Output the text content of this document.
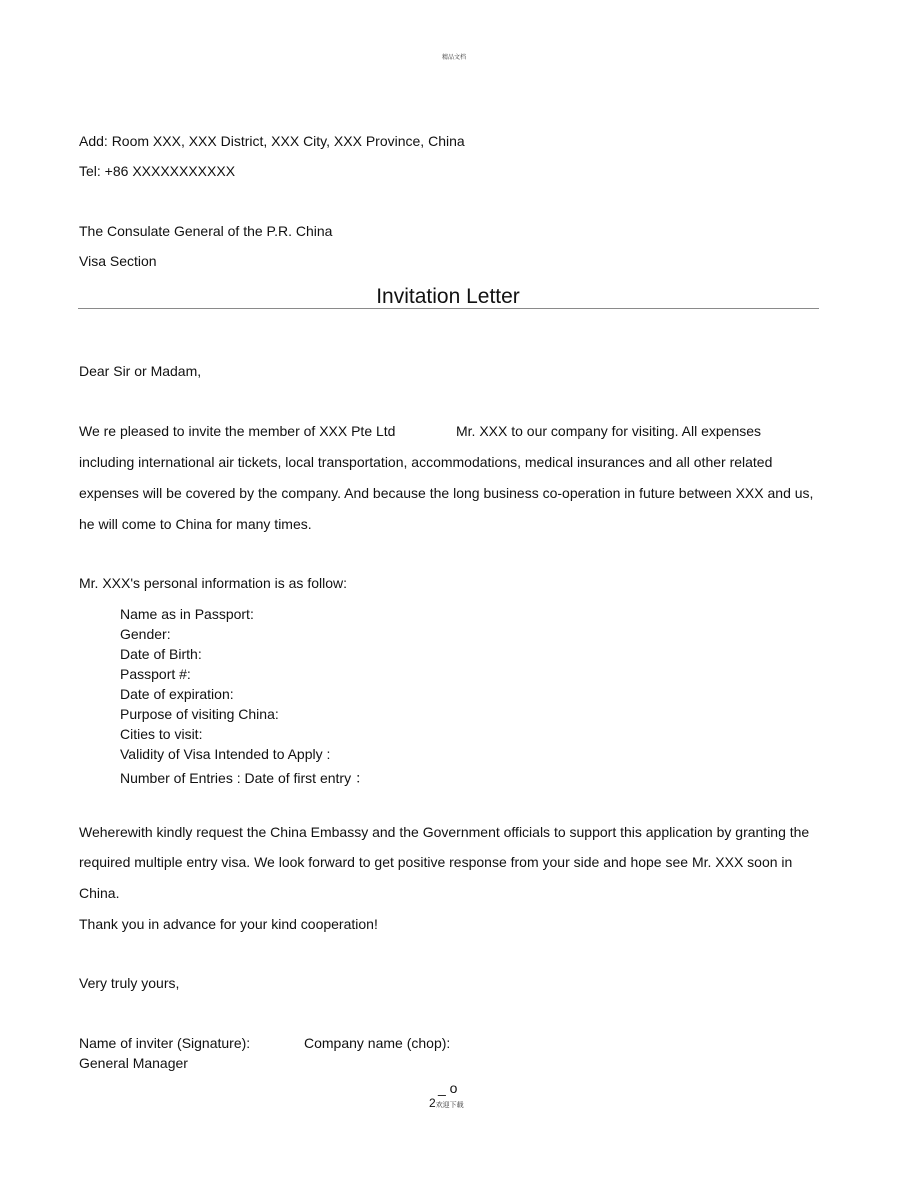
精品文档
Add: Room XXX, XXX District, XXX City, XXX Province, China
Tel: +86 XXXXXXXXXXX
The Consulate General of the P.R. China
Visa Section
Invitation Letter
Dear Sir or Madam,
We re pleased to invite the member of XXX Pte Ltd	Mr. XXX to our company for visiting. All expenses
including international air tickets, local transportation, accommodations, medical insurances and all other related
expenses will be covered by the company. And because the long business co-operation in future between XXX and us,
he will come to China for many times.
Mr. XXX's personal information is as follow:
Name as in Passport:
Gender:
Date of Birth:
Passport #:
Date of expiration:
Purpose of visiting China:
Cities to visit:
Validity of Visa Intended to Apply :
Number of Entries : Date of first entry ：
Weherewith kindly request the China Embassy and the Government officials to support this application by granting the
required multiple entry visa. We look forward to get positive response from your side and hope see Mr. XXX soon in
China.
Thank you in advance for your kind cooperation!
Very truly yours,
Name of inviter (Signature):	Company name (chop):
General Manager
_ o
2欢迎下载
